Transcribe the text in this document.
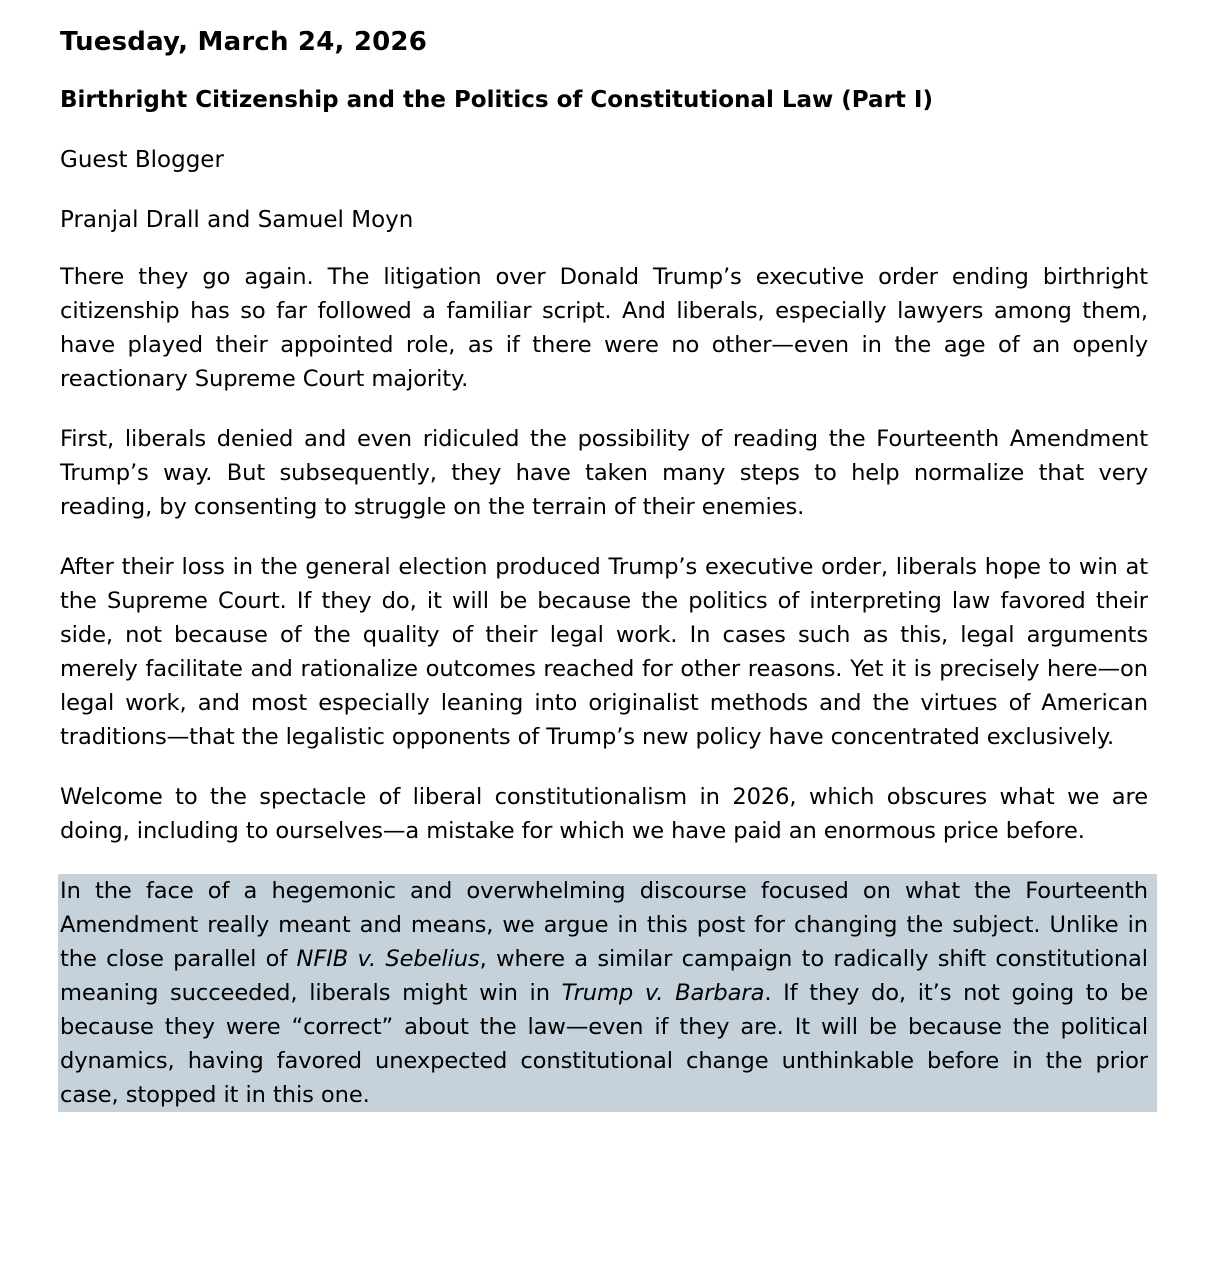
Tuesday, March 24, 2026
Birthright Citizenship and the Politics of Constitutional Law (Part I)
Guest Blogger
Pranjal Drall and Samuel Moyn

There they go again. The litigation over Donald Trump’s executive order ending birthright citizenship has so far followed a familiar script. And liberals, especially lawyers among them, have played their appointed role, as if there were no other—even in the age of an openly reactionary Supreme Court majority.

First, liberals denied and even ridiculed the possibility of reading the Fourteenth Amendment Trump’s way. But subsequently, they have taken many steps to help normalize that very reading, by consenting to struggle on the terrain of their enemies.

After their loss in the general election produced Trump’s executive order, liberals hope to win at the Supreme Court. If they do, it will be because the politics of interpreting law favored their side, not because of the quality of their legal work. In cases such as this, legal arguments merely facilitate and rationalize outcomes reached for other reasons. Yet it is precisely here—on legal work, and most especially leaning into originalist methods and the virtues of American traditions—that the legalistic opponents of Trump’s new policy have concentrated exclusively.

Welcome to the spectacle of liberal constitutionalism in 2026, which obscures what we are doing, including to ourselves—a mistake for which we have paid an enormous price before.

In the face of a hegemonic and overwhelming discourse focused on what the Fourteenth Amendment really meant and means, we argue in this post for changing the subject. Unlike in the close parallel of NFIB v. Sebelius, where a similar campaign to radically shift constitutional meaning succeeded, liberals might win in Trump v. Barbara. If they do, it’s not going to be because they were “correct” about the law—even if they are. It will be because the political dynamics, having favored unexpected constitutional change unthinkable before in the prior case, stopped it in this one.
